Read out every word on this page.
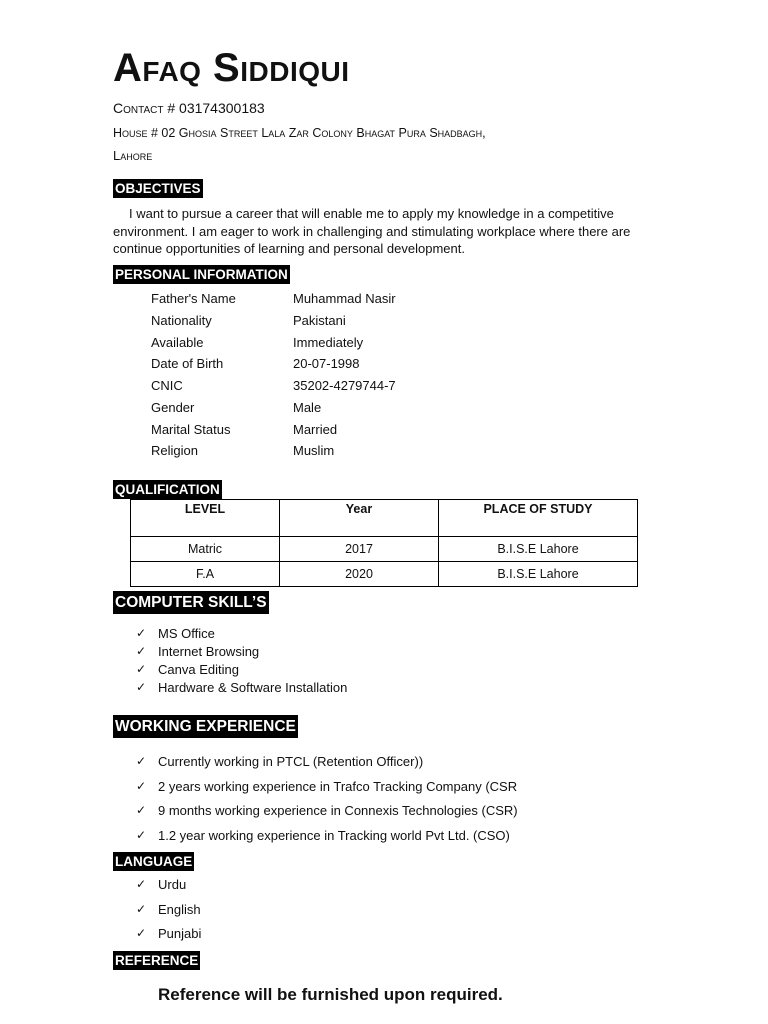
Afaq Siddiqui
Contact # 03174300183
House # 02 Ghosia Street Lala Zar Colony Bhagat Pura Shadbagh,
Lahore
OBJECTIVES
I want to pursue a career that will enable me to apply my knowledge in a competitive
environment. I am eager to work in challenging and stimulating workplace where there are
continue opportunities of learning and personal development.
PERSONAL INFORMATION
Father's Name	Muhammad Nasir
Nationality	Pakistani
Available	Immediately
Date of Birth	20-07-1998
CNIC	35202-4279744-7
Gender	Male
Marital Status	Married
Religion	Muslim
QUALIFICATION
LEVEL	Year	PLACE OF STUDY
Matric	2017	B.I.S.E Lahore
F.A	2020	B.I.S.E Lahore
COMPUTER SKILL’S
✓ MS Office
✓ Internet Browsing
✓ Canva Editing
✓ Hardware & Software Installation
WORKING EXPERIENCE
✓ Currently working in PTCL (Retention Officer))
✓ 2 years working experience in Trafco Tracking Company (CSR
✓ 9 months working experience in Connexis Technologies (CSR)
✓ 1.2 year working experience in Tracking world Pvt Ltd. (CSO)
LANGUAGE
✓ Urdu
✓ English
✓ Punjabi
REFERENCE
Reference will be furnished upon required.
